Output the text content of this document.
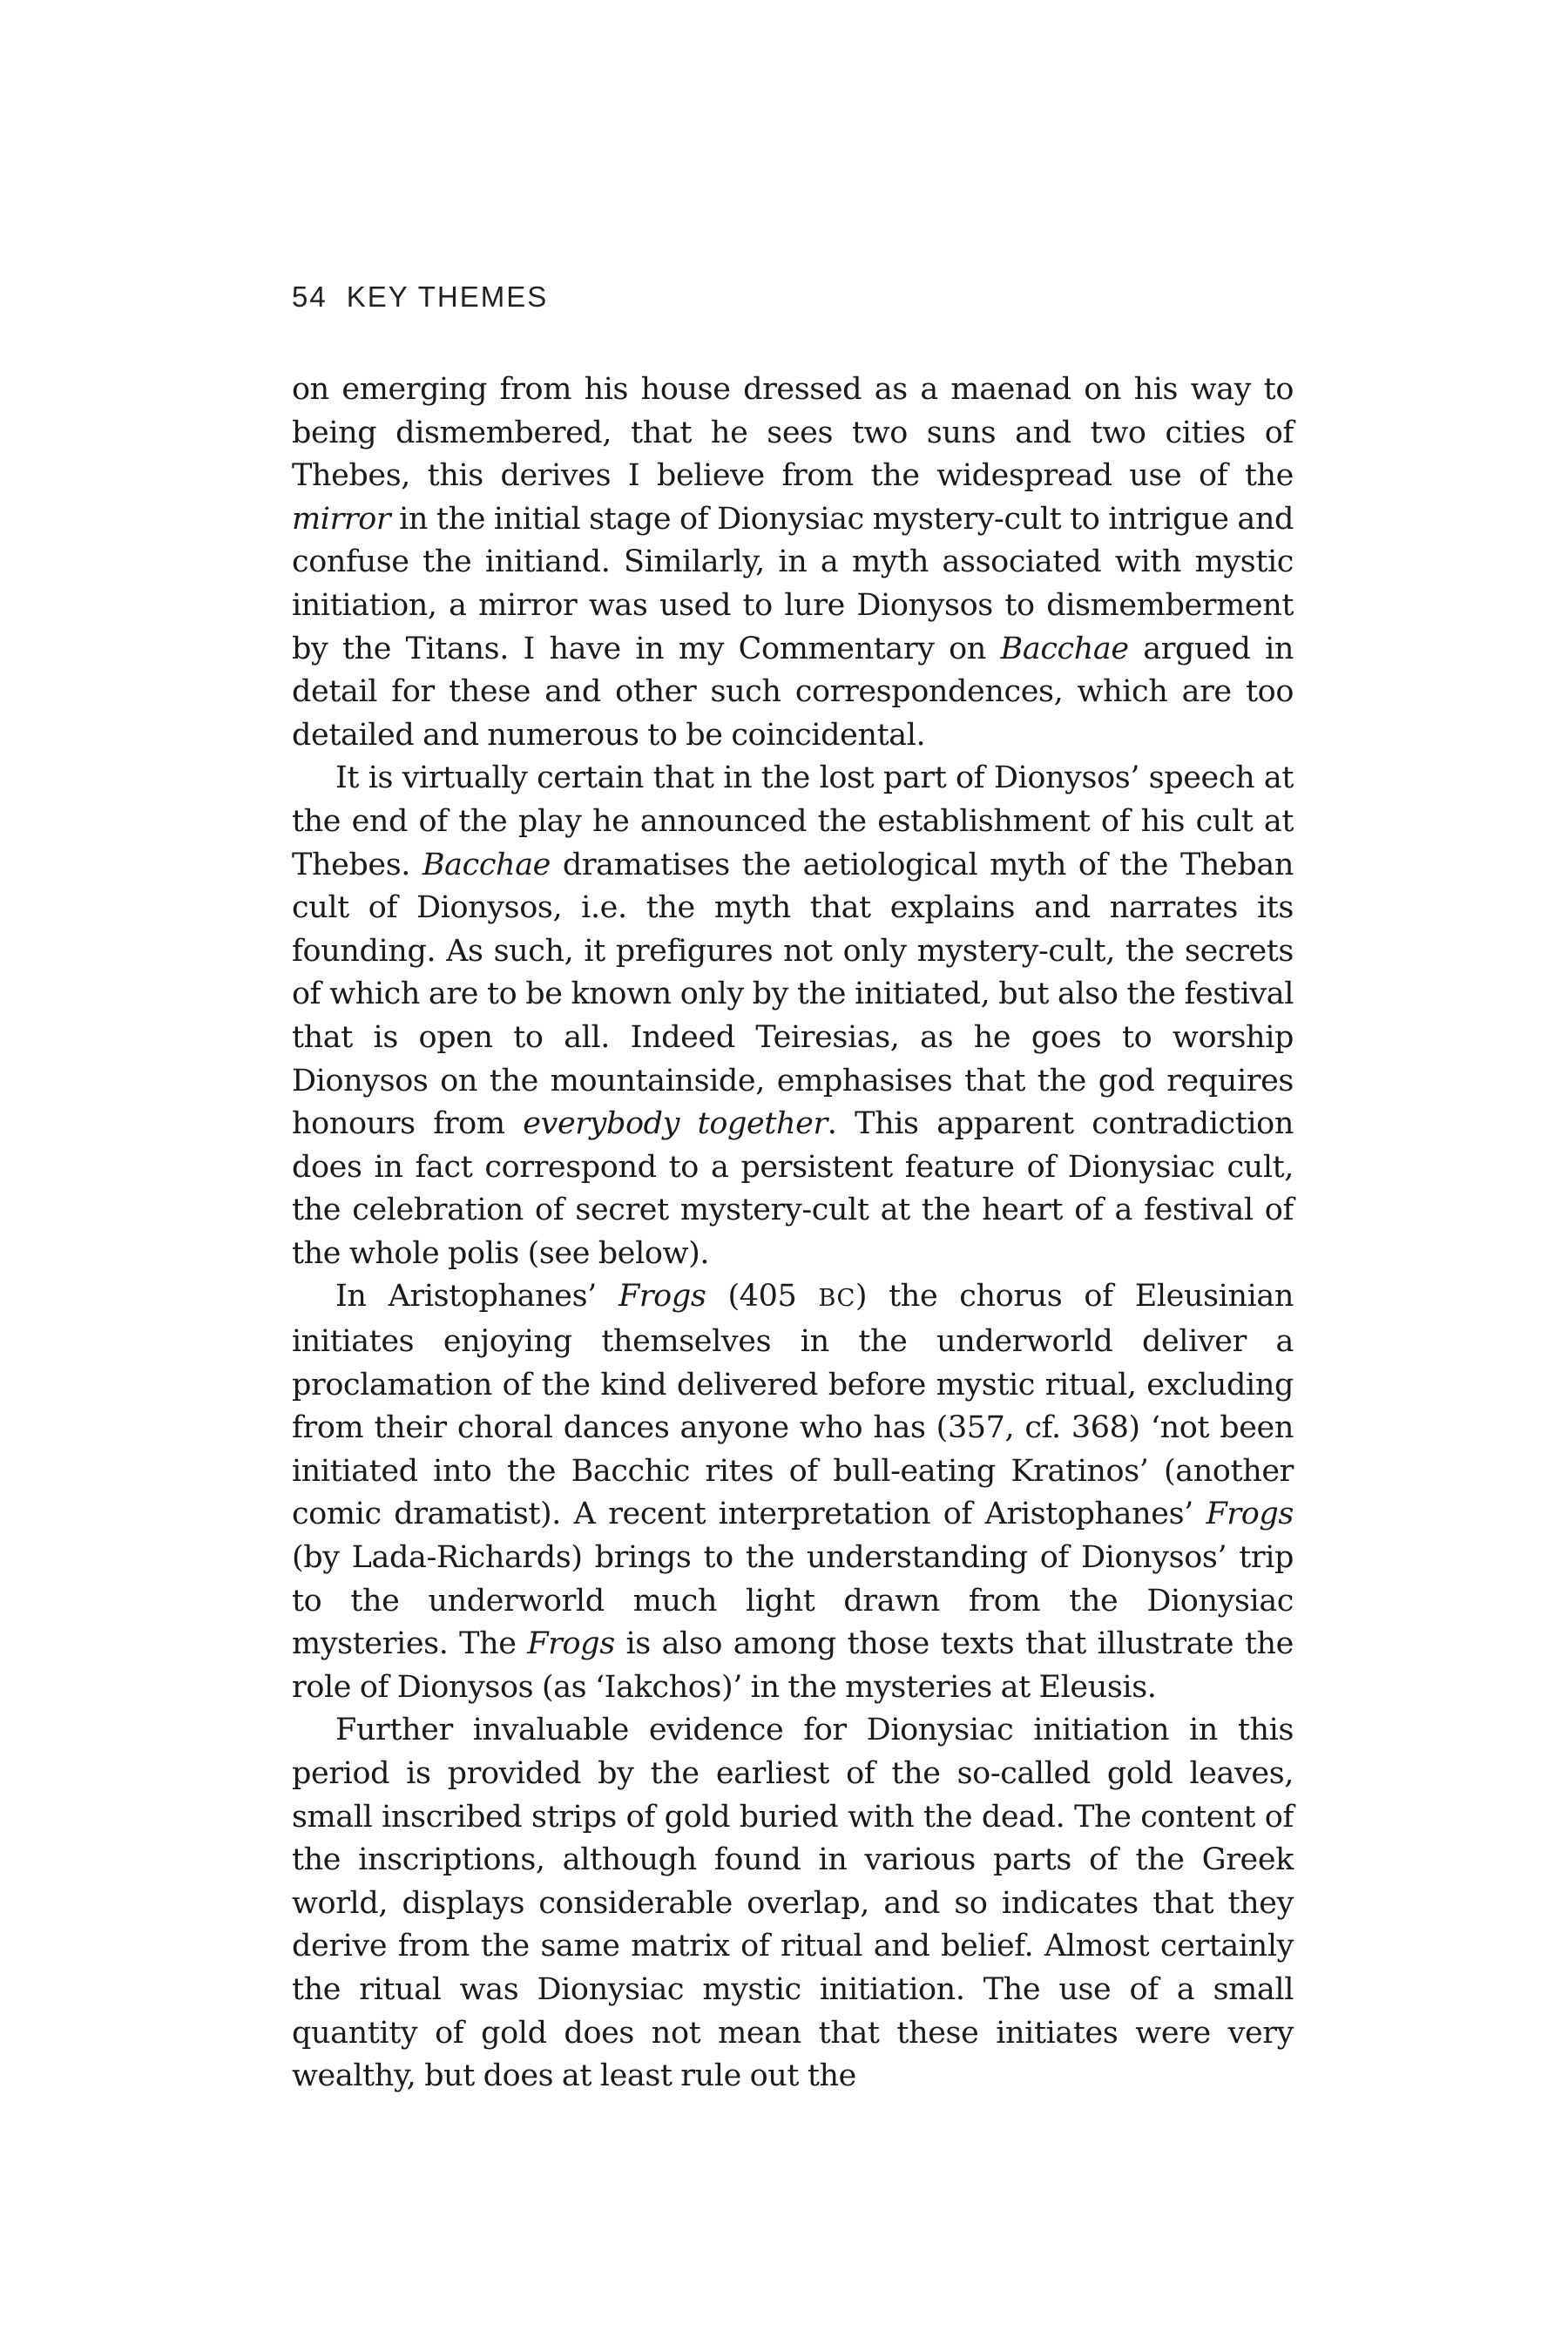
54 KEY THEMES

on emerging from his house dressed as a maenad on his way to being dismembered, that he sees two suns and two cities of Thebes, this derives I believe from the widespread use of the mirror in the initial stage of Dionysiac mystery-cult to intrigue and confuse the initiand. Similarly, in a myth associated with mystic initiation, a mirror was used to lure Dionysos to dismemberment by the Titans. I have in my Commentary on Bacchae argued in detail for these and other such correspondences, which are too detailed and numerous to be coincidental.

It is virtually certain that in the lost part of Dionysos’ speech at the end of the play he announced the establishment of his cult at Thebes. Bacchae dramatises the aetiological myth of the Theban cult of Dionysos, i.e. the myth that explains and narrates its founding. As such, it prefigures not only mystery-cult, the secrets of which are to be known only by the initiated, but also the festival that is open to all. Indeed Teiresias, as he goes to worship Dionysos on the mountainside, emphasises that the god requires honours from everybody together. This apparent contradiction does in fact correspond to a persistent feature of Dionysiac cult, the celebration of secret mystery-cult at the heart of a festival of the whole polis (see below).

In Aristophanes’ Frogs (405 BC) the chorus of Eleusinian initiates enjoying themselves in the underworld deliver a proclamation of the kind delivered before mystic ritual, excluding from their choral dances anyone who has (357, cf. 368) ‘not been initiated into the Bacchic rites of bull-eating Kratinos’ (another comic dramatist). A recent interpretation of Aristophanes’ Frogs (by Lada-Richards) brings to the understanding of Dionysos’ trip to the underworld much light drawn from the Dionysiac mysteries. The Frogs is also among those texts that illustrate the role of Dionysos (as ‘Iakchos)’ in the mysteries at Eleusis.

Further invaluable evidence for Dionysiac initiation in this period is provided by the earliest of the so-called gold leaves, small inscribed strips of gold buried with the dead. The content of the inscriptions, although found in various parts of the Greek world, displays considerable overlap, and so indicates that they derive from the same matrix of ritual and belief. Almost certainly the ritual was Dionysiac mystic initiation. The use of a small quantity of gold does not mean that these initiates were very wealthy, but does at least rule out the
